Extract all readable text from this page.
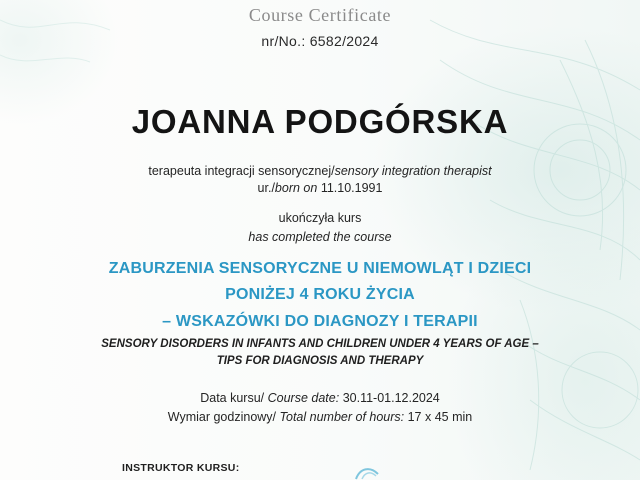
Course Certificate
nr/No.: 6582/2024
JOANNA PODGÓRSKA
terapeuta integracji sensorycznej/sensory integration therapist
ur./born on 11.10.1991
ukończyła kurs
has completed the course
ZABURZENIA SENSORYCZNE U NIEMOWLĄT I DZIECI
PONIŻEJ 4 ROKU ŻYCIA
– WSKAZÓWKI DO DIAGNOZY I TERAPII
SENSORY DISORDERS IN INFANTS AND CHILDREN UNDER 4 YEARS OF AGE –
TIPS FOR DIAGNOSIS AND THERAPY
Data kursu/ Course date: 30.11-01.12.2024
Wymiar godzinowy/ Total number of hours: 17 x 45 min
INSTRUKTOR KURSU:
